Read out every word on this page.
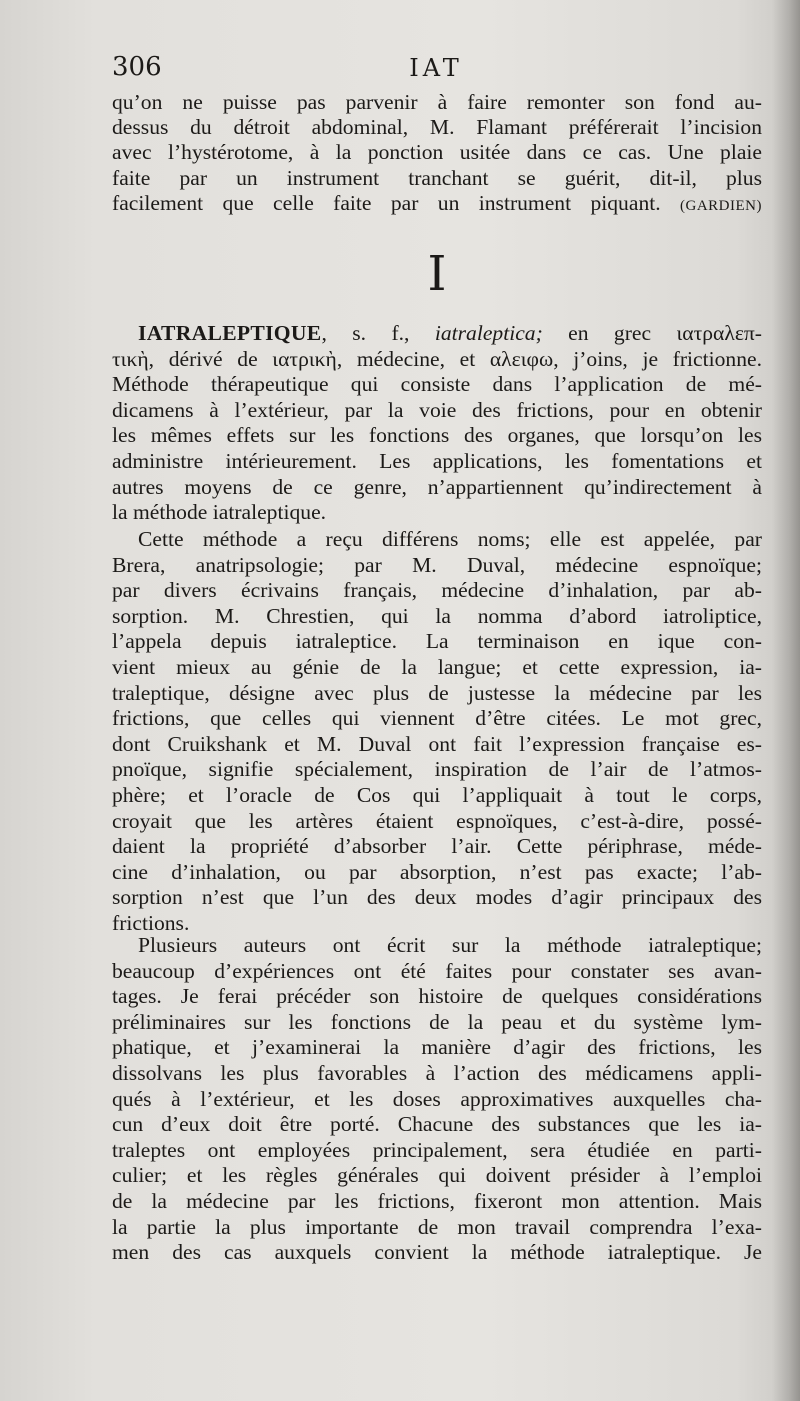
306	IAT
qu’on ne puisse pas parvenir à faire remonter son fond au-
dessus du détroit abdominal, M. Flamant préférerait l’incision
avec l’hystérotome, à la ponction usitée dans ce cas. Une plaie
faite par un instrument tranchant se guérit, dit-il, plus
facilement que celle faite par un instrument piquant. (GARDIEN)
I
IATRALEPTIQUE, s. f., iatraleptica; en grec ιατραλεπ-
τικὴ, dérivé de ιατρικὴ, médecine, et αλειφω, j’oins, je frictionne.
Méthode thérapeutique qui consiste dans l’application de mé-
dicamens à l’extérieur, par la voie des frictions, pour en obtenir
les mêmes effets sur les fonctions des organes, que lorsqu’on les
administre intérieurement. Les applications, les fomentations et
autres moyens de ce genre, n’appartiennent qu’indirectement à
la méthode iatraleptique.
Cette méthode a reçu différens noms; elle est appelée, par
Brera, anatripsologie; par M. Duval, médecine espnoïque;
par divers écrivains français, médecine d’inhalation, par ab-
sorption. M. Chrestien, qui la nomma d’abord iatroliptice,
l’appela depuis iatraleptice. La terminaison en ique con-
vient mieux au génie de la langue; et cette expression, ia-
traleptique, désigne avec plus de justesse la médecine par les
frictions, que celles qui viennent d’être citées. Le mot grec,
dont Cruikshank et M. Duval ont fait l’expression française es-
pnoïque, signifie spécialement, inspiration de l’air de l’atmos-
phère; et l’oracle de Cos qui l’appliquait à tout le corps,
croyait que les artères étaient espnoïques, c’est-à-dire, possé-
daient la propriété d’absorber l’air. Cette périphrase, méde-
cine d’inhalation, ou par absorption, n’est pas exacte; l’ab-
sorption n’est que l’un des deux modes d’agir principaux des
frictions.
Plusieurs auteurs ont écrit sur la méthode iatraleptique;
beaucoup d’expériences ont été faites pour constater ses avan-
tages. Je ferai précéder son histoire de quelques considérations
préliminaires sur les fonctions de la peau et du système lym-
phatique, et j’examinerai la manière d’agir des frictions, les
dissolvans les plus favorables à l’action des médicamens appli-
qués à l’extérieur, et les doses approximatives auxquelles cha-
cun d’eux doit être porté. Chacune des substances que les ia-
traleptes ont employées principalement, sera étudiée en parti-
culier; et les règles générales qui doivent présider à l’emploi
de la médecine par les frictions, fixeront mon attention. Mais
la partie la plus importante de mon travail comprendra l’exa-
men des cas auxquels convient la méthode iatraleptique. Je
